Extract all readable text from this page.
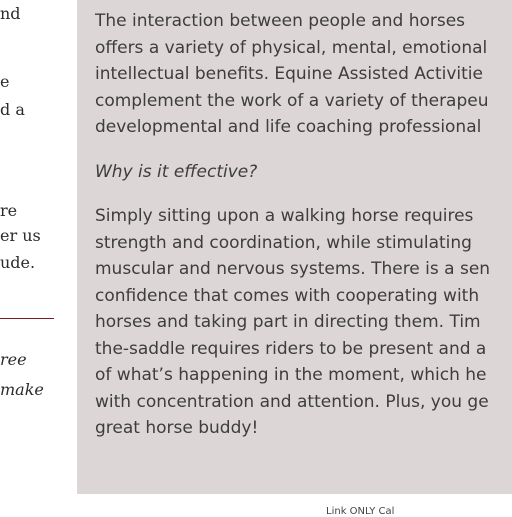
nd
e
d a
re
er us
ude.
ree
make
The interaction between people and horses
offers a variety of physical, mental, emotional
intellectual benefits. Equine Assisted Activitie
complement the work of a variety of therapeu
developmental and life coaching professional
Why is it effective?
Simply sitting upon a walking horse requires
strength and coordination, while stimulating
muscular and nervous systems. There is a sen
confidence that comes with cooperating with
horses and taking part in directing them. Tim
the-saddle requires riders to be present and a
of what’s happening in the moment, which he
with concentration and attention. Plus, you ge
great horse buddy!
Link ONLY Cal
